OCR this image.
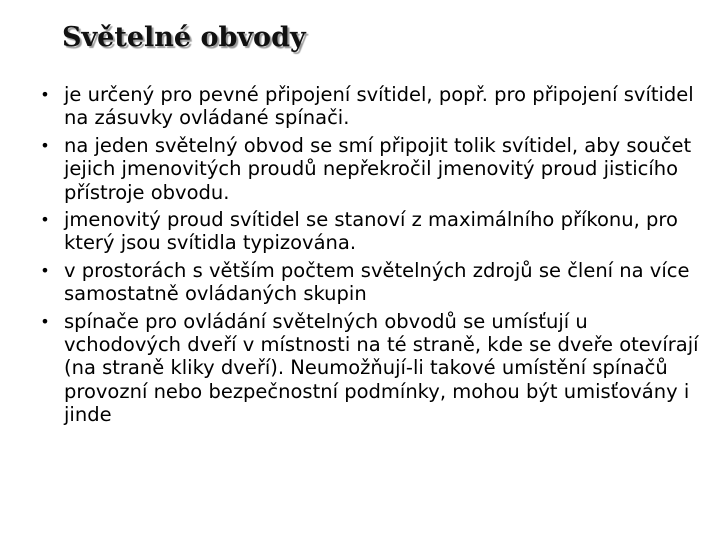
Světelné obvody
• je určený pro pevné připojení svítidel, popř. pro připojení svítidel na zásuvky ovládané spínači.
• na jeden světelný obvod se smí připojit tolik svítidel, aby součet jejich jmenovitých proudů nepřekročil jmenovitý proud jisticího přístroje obvodu.
• jmenovitý proud svítidel se stanoví z maximálního příkonu, pro který jsou svítidla typizována.
• v prostorách s větším počtem světelných zdrojů se člení na více samostatně ovládaných skupin
• spínače pro ovládání světelných obvodů se umísťují u vchodových dveří v místnosti na té straně, kde se dveře otevírají (na straně kliky dveří). Neumožňují-li takové umístění spínačů provozní nebo bezpečnostní podmínky, mohou být umisťovány i jinde
